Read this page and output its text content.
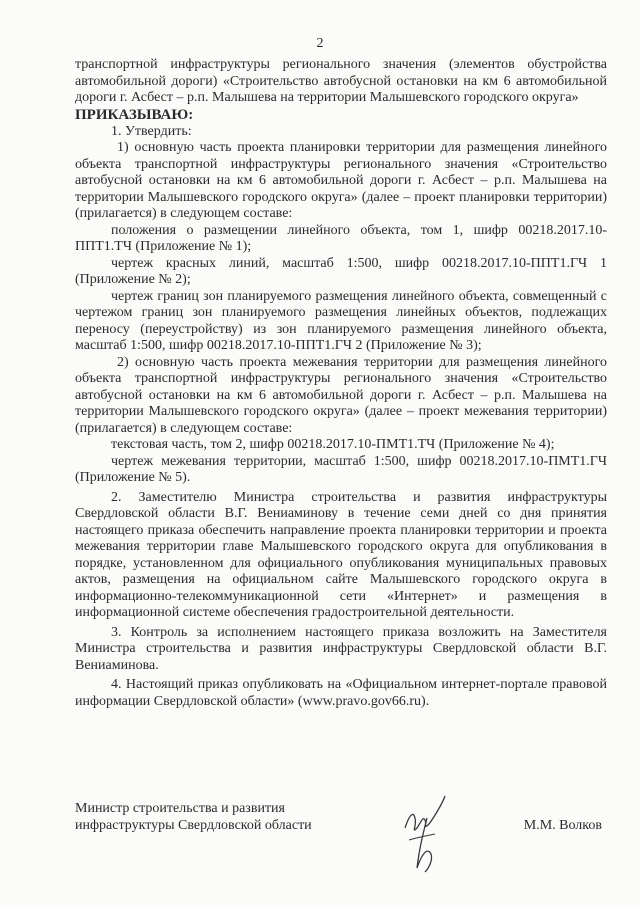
2

транспортной инфраструктуры регионального значения (элементов обустройства автомобильной дороги) «Строительство автобусной остановки на км 6 автомобильной дороги г. Асбест – р.п. Малышева на территории Малышевского городского округа»

ПРИКАЗЫВАЮ:

1. Утвердить:

1) основную часть проекта планировки территории для размещения линейного объекта транспортной инфраструктуры регионального значения «Строительство автобусной остановки на км 6 автомобильной дороги г. Асбест – р.п. Малышева на территории Малышевского городского округа» (далее – проект планировки территории) (прилагается) в следующем составе:

положения о размещении линейного объекта, том 1, шифр 00218.2017.10-ППТ1.ТЧ (Приложение № 1);

чертеж красных линий, масштаб 1:500, шифр 00218.2017.10-ППТ1.ГЧ 1 (Приложение № 2);

чертеж границ зон планируемого размещения линейного объекта, совмещенный с чертежом границ зон планируемого размещения линейных объектов, подлежащих переносу (переустройству) из зон планируемого размещения линейного объекта, масштаб 1:500, шифр 00218.2017.10-ППТ1.ГЧ 2 (Приложение № 3);

2) основную часть проекта межевания территории для размещения линейного объекта транспортной инфраструктуры регионального значения «Строительство автобусной остановки на км 6 автомобильной дороги г. Асбест – р.п. Малышева на территории Малышевского городского округа» (далее – проект межевания территории) (прилагается) в следующем составе:

текстовая часть, том 2, шифр 00218.2017.10-ПМТ1.ТЧ (Приложение № 4);

чертеж межевания территории, масштаб 1:500, шифр 00218.2017.10-ПМТ1.ГЧ (Приложение № 5).

2. Заместителю Министра строительства и развития инфраструктуры Свердловской области В.Г. Вениаминову в течение семи дней со дня принятия настоящего приказа обеспечить направление проекта планировки территории и проекта межевания территории главе Малышевского городского округа для опубликования в порядке, установленном для официального опубликования муниципальных правовых актов, размещения на официальном сайте Малышевского городского округа в информационно-телекоммуникационной сети «Интернет» и размещения в информационной системе обеспечения градостроительной деятельности.

3. Контроль за исполнением настоящего приказа возложить на Заместителя Министра строительства и развития инфраструктуры Свердловской области В.Г. Вениаминова.

4. Настоящий приказ опубликовать на «Официальном интернет-портале правовой информации Свердловской области» (www.pravo.gov66.ru).

Министр строительства и развития
инфраструктуры Свердловской области	М.М. Волков
